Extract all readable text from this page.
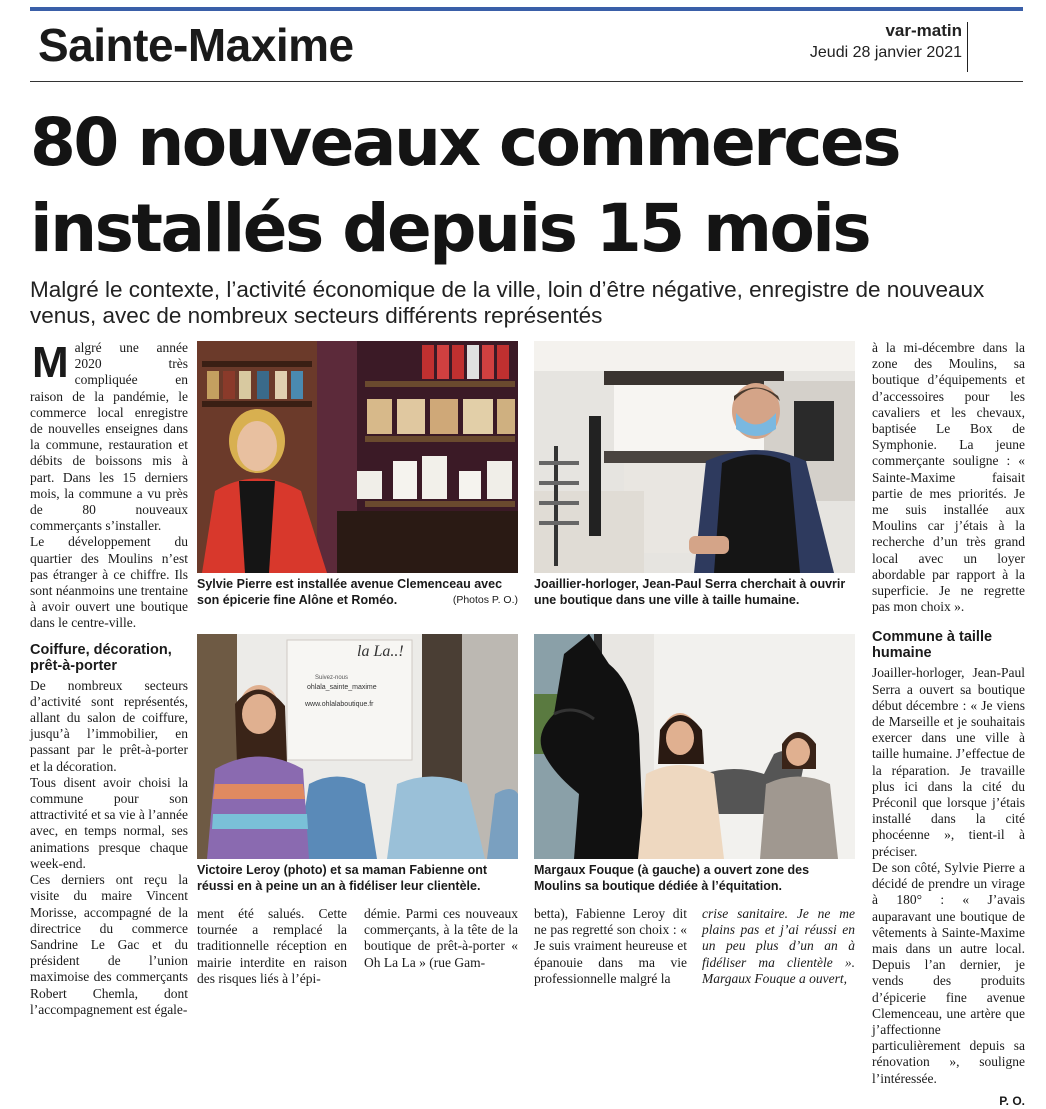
Sainte-Maxime	var-matin
Jeudi 28 janvier 2021
80 nouveaux commerces installés depuis 15 mois
Malgré le contexte, l’activité économique de la ville, loin d’être négative, enregistre de nouveaux venus, avec de nombreux secteurs différents représentés
M algré une année 2020 très compliquée en raison de la pandémie, le commerce local enregistre de nouvelles enseignes dans la commune, restauration et débits de boissons mis à part. Dans les 15 derniers mois, la commune a vu près de 80 nouveaux commerçants s’installer.

Le développement du quartier des Moulins n’est pas étranger à ce chiffre. Ils sont néanmoins une trentaine à avoir ouvert une boutique dans le centre-ville.

Coiffure, décoration, prêt-à-porter

De nombreux secteurs d’activité sont représentés, allant du salon de coiffure, jusqu’à l’immobilier, en passant par le prêt-à-porter et la décoration.

Tous disent avoir choisi la commune pour son attractivité et sa vie à l’année avec, en temps normal, ses animations presque chaque week-end.

Ces derniers ont reçu la visite du maire Vincent Morisse, accompagné de la directrice du commerce Sandrine Le Gac et du président de l’union maximoise des commerçants Robert Chemla, dont l’accompagnement est égale-

Sylvie Pierre est installée avenue Clemenceau avec son épicerie fine Alône et Roméo.	(Photos P. O.)
Joaillier-horloger, Jean-Paul Serra cherchait à ouvrir une boutique dans une ville à taille humaine.
la La..!
Suivez-nous
ohlala_sainte_maxime
www.ohlalaboutique.fr
Victoire Leroy (photo) et sa maman Fabienne ont réussi en à peine un an à fidéliser leur clientèle.
Margaux Fouque (à gauche) a ouvert zone des Moulins sa boutique dédiée à l’équitation.
ment été salués. Cette tournée a remplacé la traditionnelle réception en mairie interdite en raison des risques liés à l’épi-
démie. Parmi ces nouveaux commerçants, à la tête de la boutique de prêt-à-porter « Oh La La » (rue Gam-
betta), Fabienne Leroy dit ne pas regretté son choix : « Je suis vraiment heureuse et épanouie dans ma vie professionnelle malgré la
crise sanitaire. Je ne me plains pas et j’ai réussi en un peu plus d’un an à fidéliser ma clientèle ». Margaux Fouque a ouvert,

à la mi-décembre dans la zone des Moulins, sa boutique d’équipements et d’accessoires pour les cavaliers et les chevaux, baptisée Le Box de Symphonie. La jeune commerçante souligne : « Sainte-Maxime faisait partie de mes priorités. Je me suis installée aux Moulins car j’étais à la recherche d’un très grand local avec un loyer abordable par rapport à la superficie. Je ne regrette pas mon choix ».

Commune à taille humaine

Joailler-horloger, Jean-Paul Serra a ouvert sa boutique début décembre : « Je viens de Marseille et je souhaitais exercer dans une ville à taille humaine. J’effectue de la réparation. Je travaille plus ici dans la cité du Préconil que lorsque j’étais installé dans la cité phocéenne », tient-il à préciser.

De son côté, Sylvie Pierre a décidé de prendre un virage à 180° : « J’avais auparavant une boutique de vêtements à Sainte-Maxime mais dans un autre local. Depuis l’an dernier, je vends des produits d’épicerie fine avenue Clemenceau, une artère que j’affectionne particulièrement depuis sa rénovation », souligne l’intéressée.

P. O.
